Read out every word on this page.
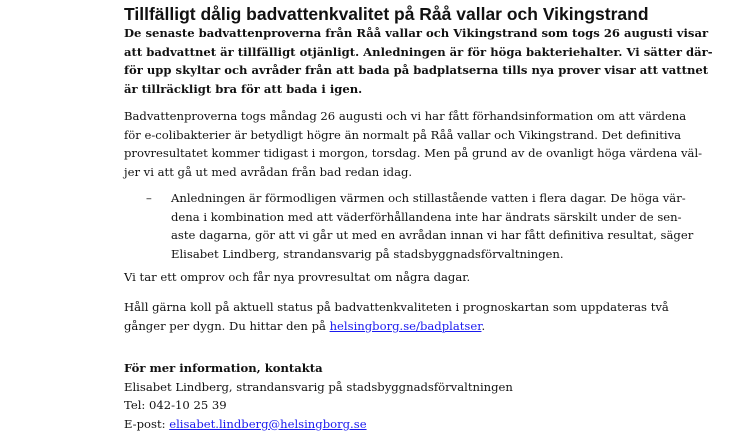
Tillfälligt dålig badvattenkvalitet på Råå vallar och Vikingstrand
De senaste badvattenproverna från Råå vallar och Vikingstrand som togs 26 augusti visar
att badvattnet är tillfälligt otjänligt. Anledningen är för höga bakteriehalter. Vi sätter där-
för upp skyltar och avråder från att bada på badplatserna tills nya prover visar att vattnet
är tillräckligt bra för att bada i igen.
Badvattenproverna togs måndag 26 augusti och vi har fått förhandsinformation om att värdena
för e-colibakterier är betydligt högre än normalt på Råå vallar och Vikingstrand. Det definitiva
provresultatet kommer tidigast i morgon, torsdag. Men på grund av de ovanligt höga värdena väl-
jer vi att gå ut med avrådan från bad redan idag.
– Anledningen är förmodligen värmen och stillastående vatten i flera dagar. De höga vär-
dena i kombination med att väderförhållandena inte har ändrats särskilt under de sen-
aste dagarna, gör att vi går ut med en avrådan innan vi har fått definitiva resultat, säger
Elisabet Lindberg, strandansvarig på stadsbyggnadsförvaltningen.
Vi tar ett omprov och får nya provresultat om några dagar.
Håll gärna koll på aktuell status på badvattenkvaliteten i prognoskartan som uppdateras två
gånger per dygn. Du hittar den på helsingborg.se/badplatser.
För mer information, kontakta
Elisabet Lindberg, strandansvarig på stadsbyggnadsförvaltningen
Tel: 042-10 25 39
E-post: elisabet.lindberg@helsingborg.se
